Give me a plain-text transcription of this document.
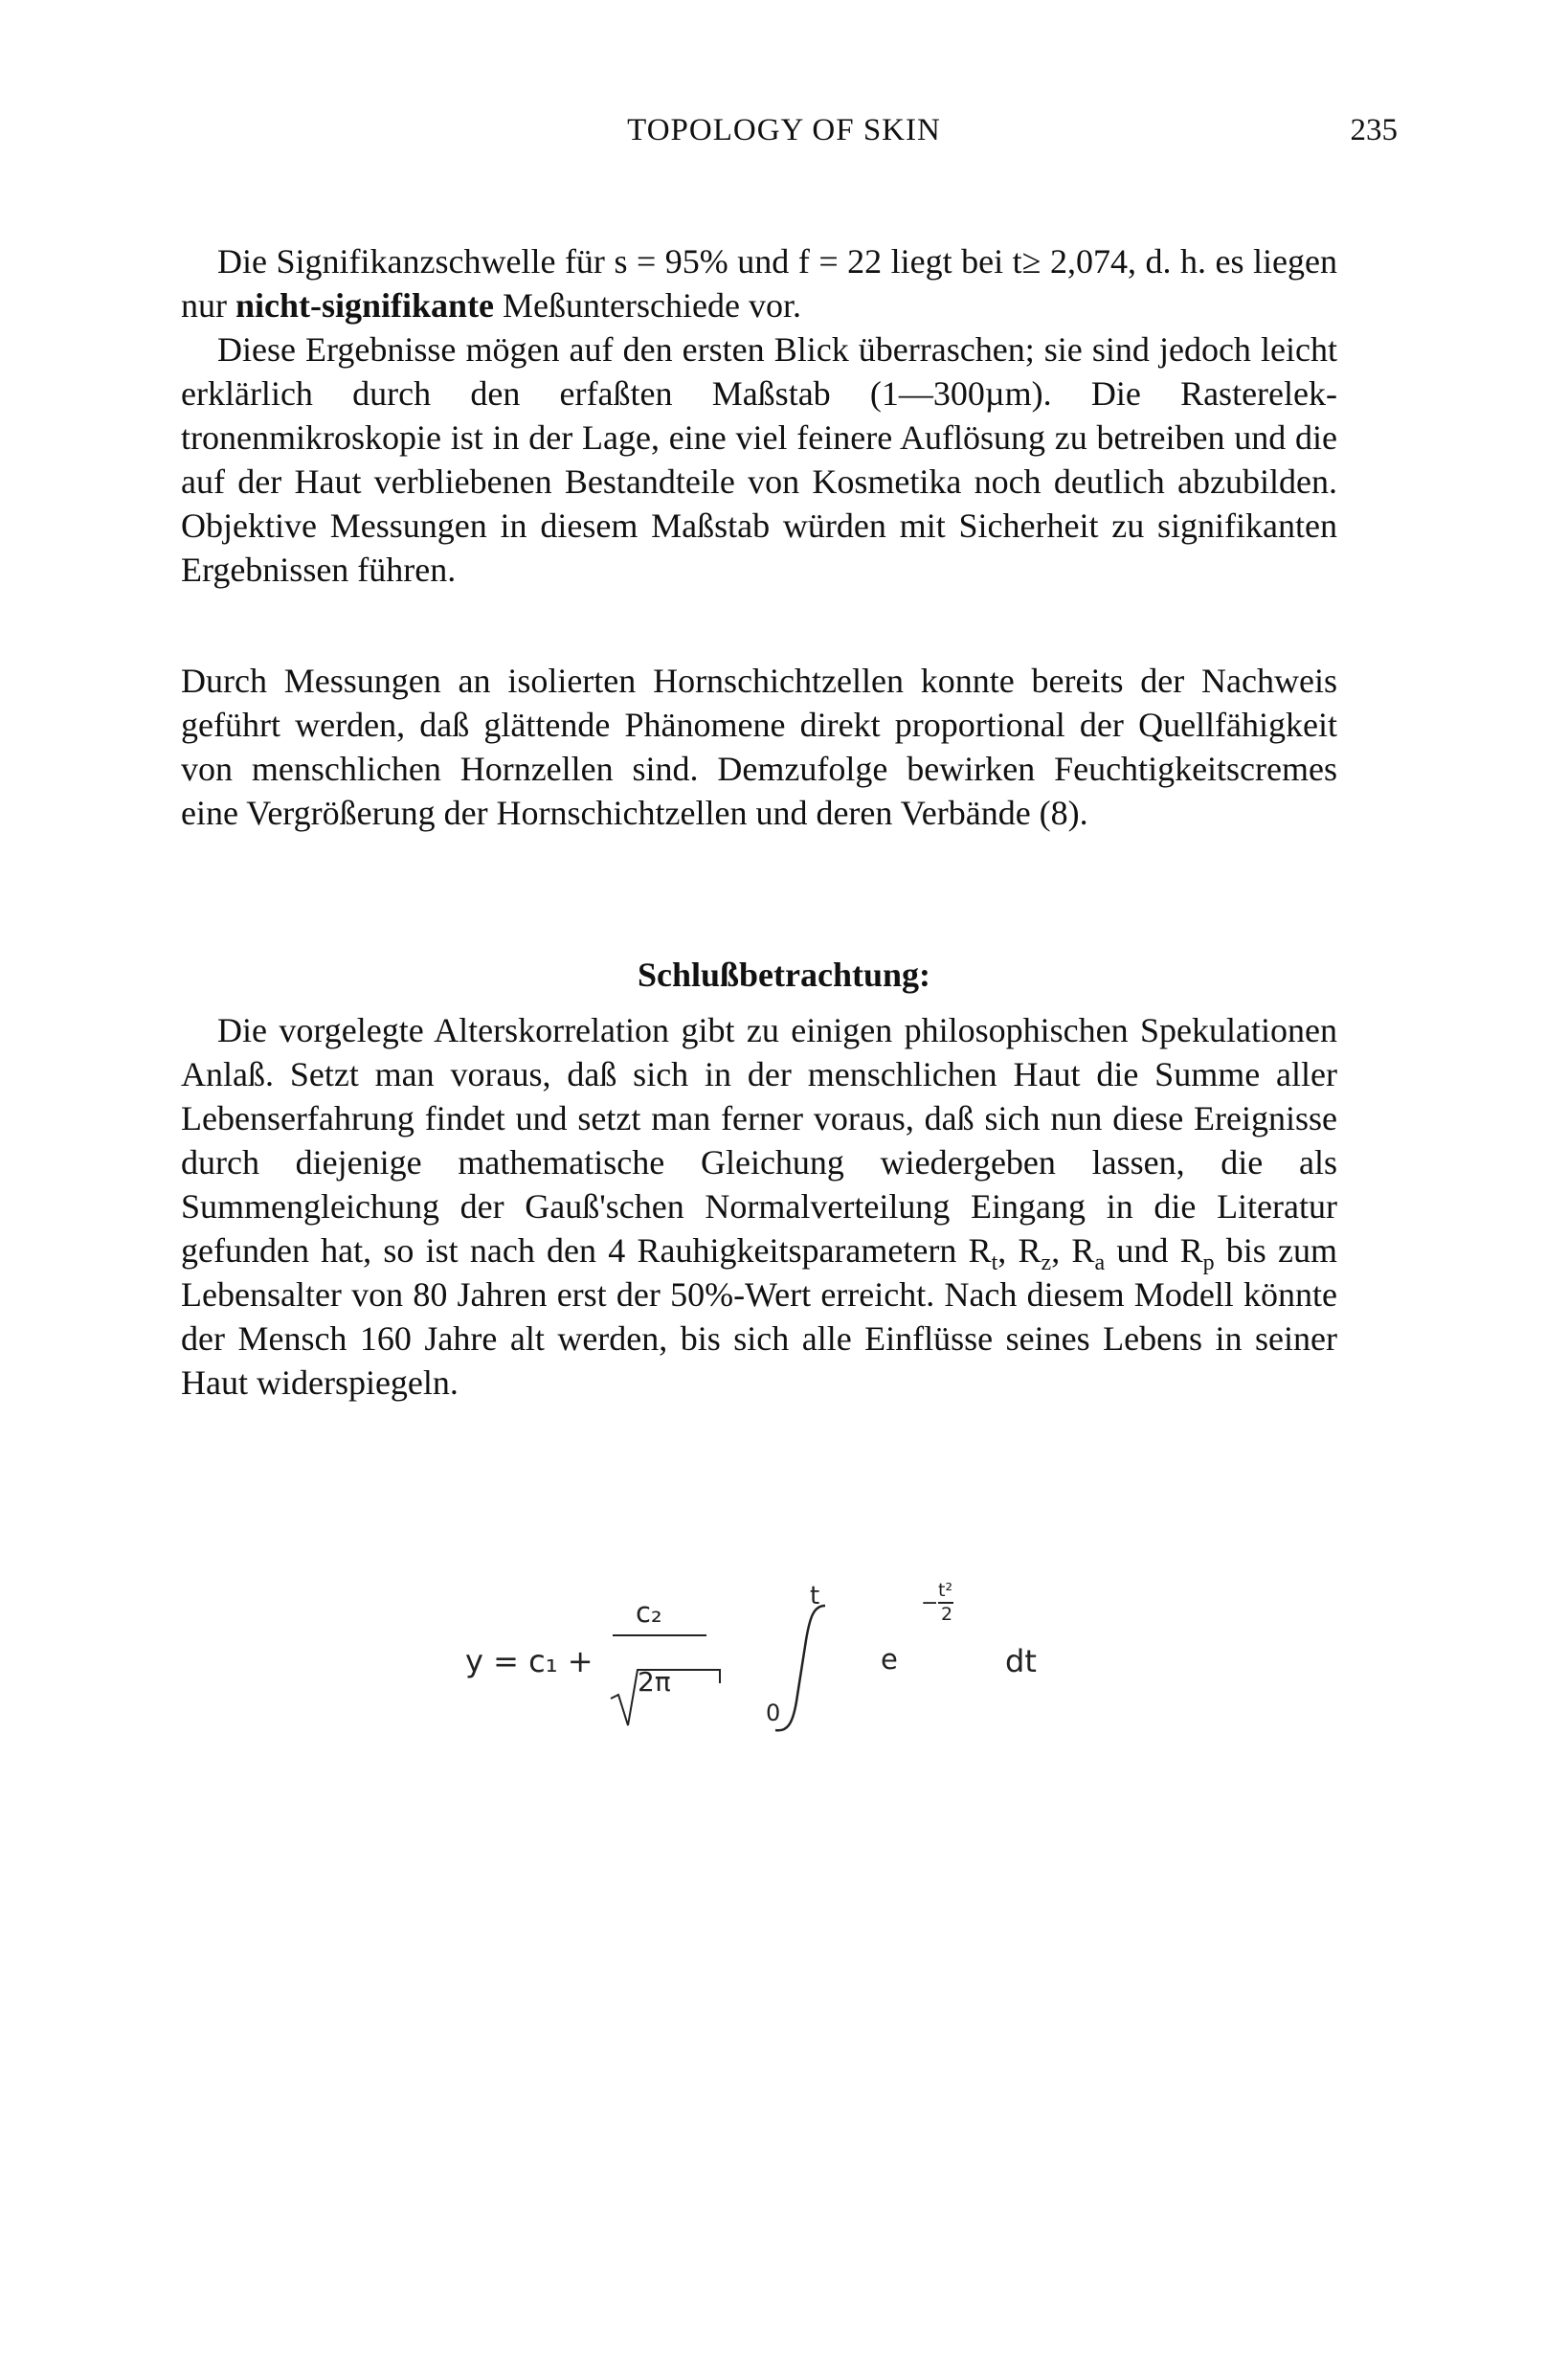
TOPOLOGY OF SKIN	235

Die Signifikanzschwelle für s = 95% und f = 22 liegt bei t≥ 2,074, d. h. es liegen nur nicht-signifikante Meßunterschiede vor.

Diese Ergebnisse mögen auf den ersten Blick überraschen; sie sind jedoch leicht erklärlich durch den erfaßten Maßstab (1—300µm). Die Rasterelektronenmikroskopie ist in der Lage, eine viel feinere Auflösung zu betreiben und die auf der Haut verbliebenen Bestandteile von Kosmetika noch deutlich abzubilden. Objektive Messungen in diesem Maßstab würden mit Sicherheit zu signifikanten Ergebnissen führen.

Durch Messungen an isolierten Hornschichtzellen konnte bereits der Nachweis geführt werden, daß glättende Phänomene direkt proportional der Quellfähigkeit von menschlichen Hornzellen sind. Demzufolge bewirken Feuchtigkeitscremes eine Vergrößerung der Hornschichtzellen und deren Verbände (8).

Schlußbetrachtung:

Die vorgelegte Alterskorrelation gibt zu einigen philosophischen Spekulationen Anlaß. Setzt man voraus, daß sich in der menschlichen Haut die Summe aller Lebenserfahrung findet und setzt man ferner voraus, daß sich nun diese Ereignisse durch diejenige mathematische Gleichung wiedergeben lassen, die als Summengleichung der Gauß'schen Normalverteilung Eingang in die Literatur gefunden hat, so ist nach den 4 Rauhigkeitsparametern $R_t$, $R_z$, $R_a$ und $R_p$ bis zum Lebensalter von 80 Jahren erst der 50%-Wert erreicht. Nach diesem Modell könnte der Mensch 160 Jahre alt werden, bis sich alle Einflüsse seines Lebens in seiner Haut widerspiegeln.

y = c₁ +
c₂
2π
t
0
e
−
t²
2
dt
